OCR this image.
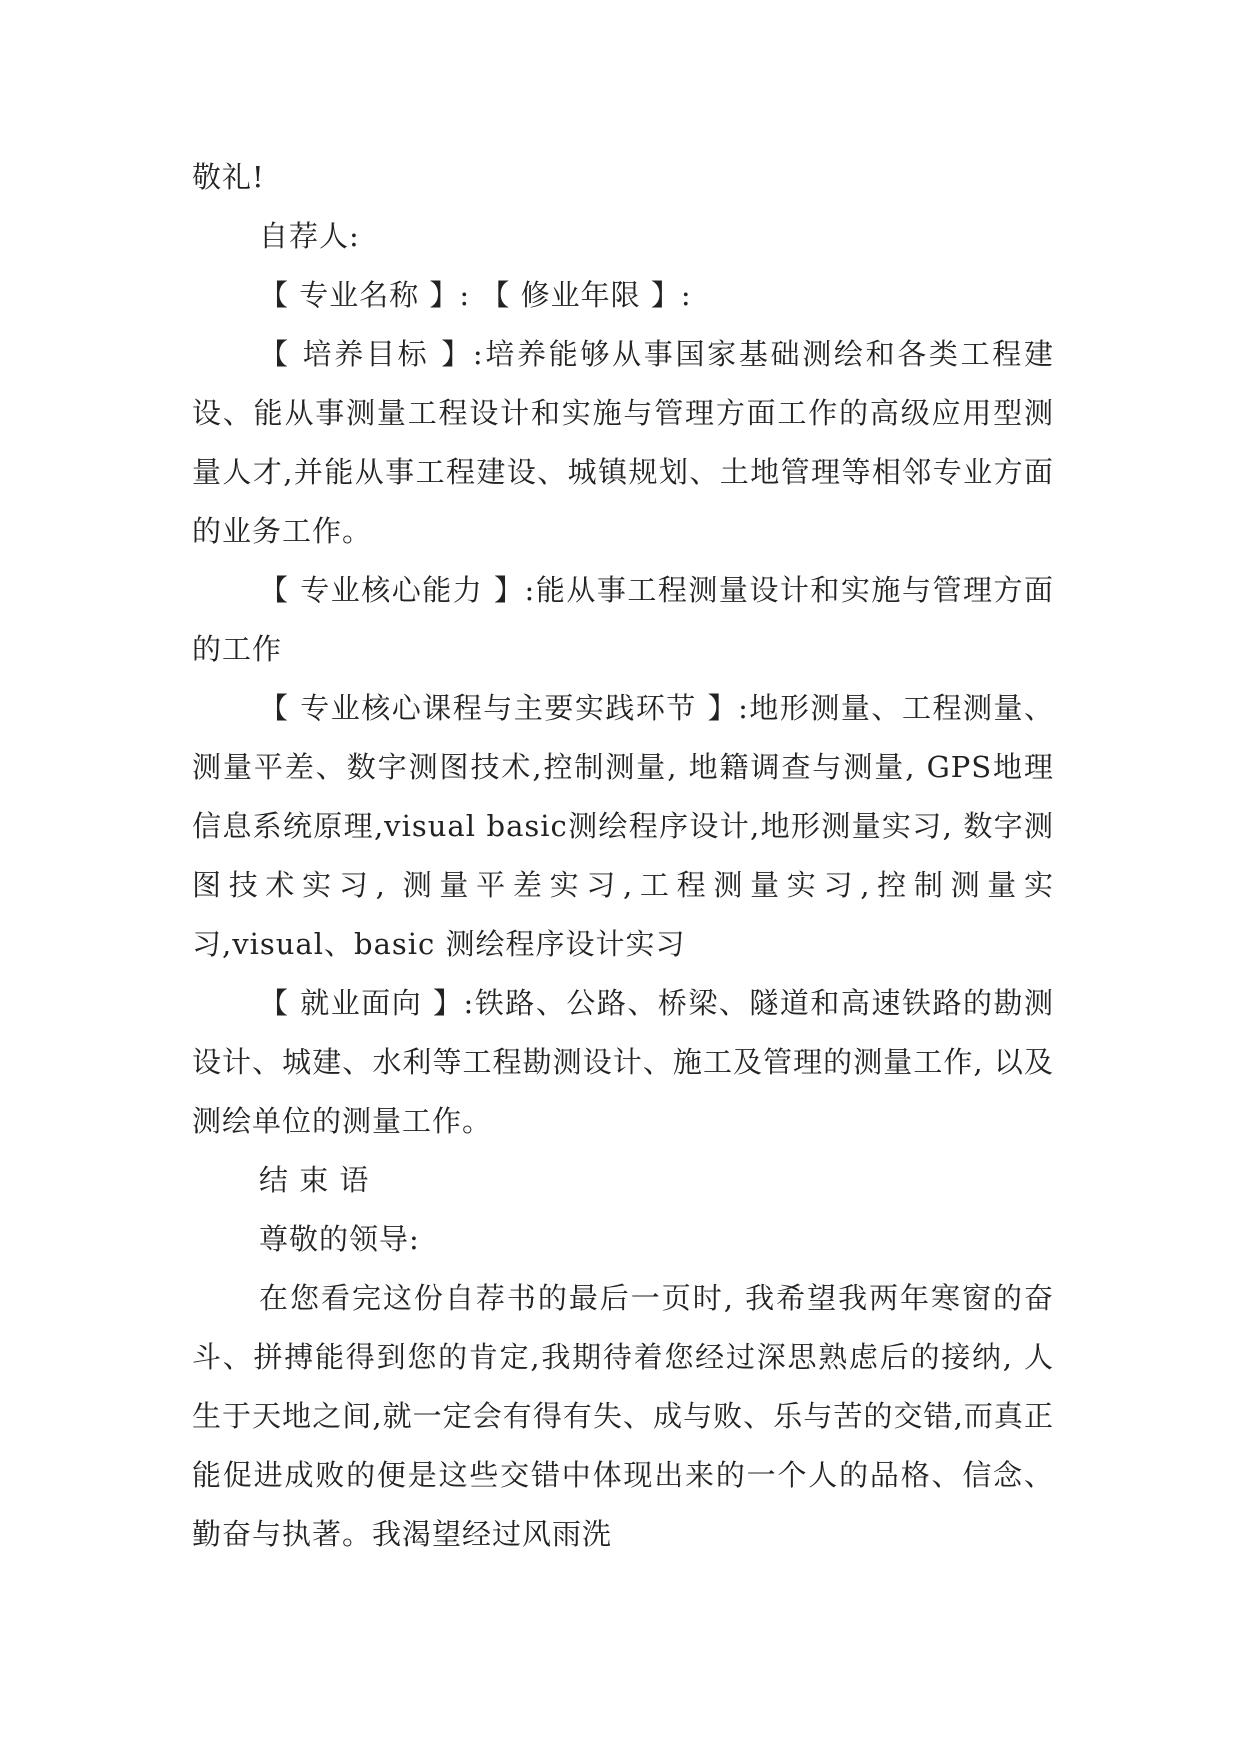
敬礼!

自荐人:

【 专业名称 】: 【 修业年限 】:

【 培养目标 】:培养能够从事国家基础测绘和各类工程建设、能从事测量工程设计和实施与管理方面工作的高级应用型测量人才,并能从事工程建设、城镇规划、土地管理等相邻专业方面的业务工作。

【 专业核心能力 】:能从事工程测量设计和实施与管理方面的工作

【 专业核心课程与主要实践环节 】:地形测量、工程测量、测量平差、数字测图技术,控制测量, 地籍调查与测量, GPS地理信息系统原理,visual basic测绘程序设计,地形测量实习, 数字测图技术实习, 测量平差实习,工程测量实习,控制测量实习,visual、basic 测绘程序设计实习

【 就业面向 】:铁路、公路、桥梁、隧道和高速铁路的勘测设计、城建、水利等工程勘测设计、施工及管理的测量工作, 以及测绘单位的测量工作。

结 束 语

尊敬的领导:

在您看完这份自荐书的最后一页时, 我希望我两年寒窗的奋斗、拼搏能得到您的肯定,我期待着您经过深思熟虑后的接纳, 人生于天地之间,就一定会有得有失、成与败、乐与苦的交错,而真正能促进成败的便是这些交错中体现出来的一个人的品格、信念、勤奋与执著。我渴望经过风雨洗
